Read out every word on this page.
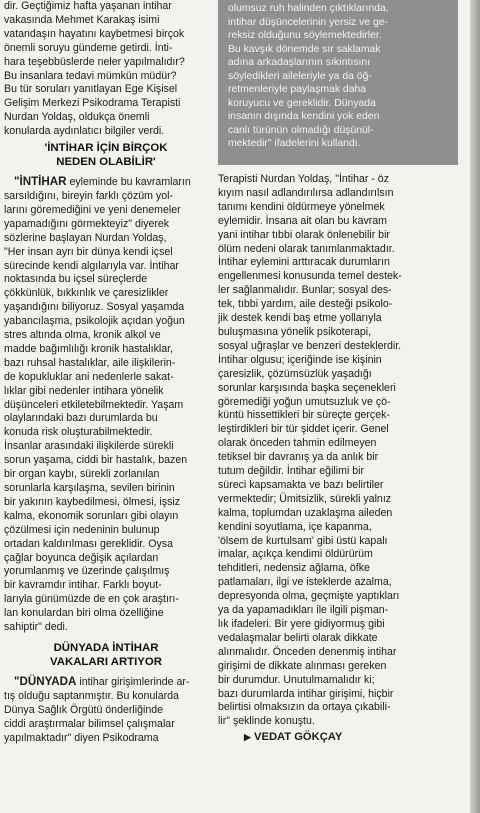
dir. Geçtiğimiz hafta yaşanan intihar
vakasında Mehmet Karakaş isimi
vatandaşın hayatını kaybetmesi birçok
önemli soruyu gündeme getirdi. İnti-
hara teşebbüslerde neler yapılmalıdır?
Bu insanlara tedavi mümkün müdür?
Bu tür soruları yanıtlayan Ege Kişisel
Gelişim Merkezi Psikodrama Terapisti
Nurdan Yoldaş, oldukça önemli
konularda aydınlatıcı bilgiler verdi.
'İNTİHAR İÇİN BİRÇOK
NEDEN OLABİLİR'
"İNTİHAR eyleminde bu kavramların
sarsıldığını, bireyin farklı çözüm yol-
larını göremediğini ve yeni denemeler
yapamadığını görmekteyiz" diyerek
sözlerine başlayan Nurdan Yoldaş,
"Her insan ayrı bir dünya kendi içsel
sürecinde kendi algılarıyla var. İntihar
noktasında bu içsel süreçlerde
çökkünlük, bıkkınlık ve çaresizlikler
yaşandığını biliyoruz. Sosyal yaşamda
yabancılaşma, psikolojik açıdan yoğun
stres altında olma, kronik alkol ve
madde bağımlılığı kronik hastalıklar,
bazı ruhsal hastalıklar, aile ilişkilerin-
de kopukluklar ani nedenlerle sakat-
lıklar gibi nedenler intihara yönelik
düşünceleri etkiletebilmektedir. Yaşam
olaylarındaki bazı durumlarda bu
konuda risk oluşturabilmektedir.
İnsanlar arasındaki ilişkilerde sürekli
sorun yaşama, ciddi bir hastalık, bazen
bir organ kaybı, sürekli zorlanılan
sorunlarla karşılaşma, sevilen birinin
bir yakının kaybedilmesi, ölmesi, işsiz
kalma, ekonomik sorunları gibi olayın
çözülmesi için nedeninin bulunup
ortadan kaldırılması gereklidir. Oysa
çağlar boyunca değişik açılardan
yorumlanmış ve üzerinde çalışılmış
bir kavramdır intihar. Farklı boyut-
larıyla günümüzde de en çok araştırı-
lan konulardan biri olma özelliğine
sahiptir" dedi.
DÜNYADA İNTİHAR
VAKALARI ARTIYOR
"DÜNYADA intihar girişimlerinde ar-
tış olduğu saptanmıştır. Bu konularda
Dünya Sağlık Örgütü önderliğinde
ciddi araştırmalar bilimsel çalışmalar
yapılmaktadır" diyen Psikodrama
olumsuz ruh halinden çıktıklarında,
intihar düşüncelerinin yersiz ve ge-
reksiz olduğunu söylemektedirler.
Bu kavşık dönemde sır saklamak
adına arkadaşlarının sıkıntısını
söyledikleri aileleriyle ya da öğ-
retmenleriyle paylaşmak daha
koruyucu ve gereklidir. Dünyada
insanın dışında kendini yok eden
canlı türünün olmadığı düşünül-
mektedir" ifadelerini kullandı.
Terapisti Nurdan Yoldaş, "İntihar - öz
kıyım nasıl adlandırılırsa adlandırılsın
tanımı kendini öldürmeye yönelmek
eylemidir. İnsana ait olan bu kavram
yani intihar tıbbi olarak önlenebilir bir
ölüm nedeni olarak tanımlanmaktadır.
İntihar eylemini arttıracak durumların
engellenmesi konusunda temel destek-
ler sağlanmalıdır. Bunlar; sosyal des-
tek, tıbbi yardım, aile desteği psikolo-
jik destek kendi baş etme yollarıyla
buluşmasına yönelik psikoterapi,
sosyal uğraşlar ve benzeri desteklerdir.
İntihar olgusu; içeriğinde ise kişinin
çaresizlik, çözümsüzlük yaşadığı
sorunlar karşısında başka seçenekleri
göremediği yoğun umutsuzluk ve çö-
küntü hissettikleri bir süreçte gerçek-
leştirdikleri bir tür şiddet içerir. Genel
olarak önceden tahmin edilmeyen
tetiksel bir davranış ya da anlık bir
tutum değildir. İntihar eğilimi bir
süreci kapsamakta ve bazı belirtiler
vermektedir; Ümitsizlik, sürekli yalnız
kalma, toplumdan uzaklaşma aileden
kendini soyutlama, içe kapanma,
'ölsem de kurtulsam' gibi üstü kapalı
imalar, açıkça kendimi öldürürüm
tehditleri, nedensiz ağlama, öfke
patlamaları, ilgi ve isteklerde azalma,
depresyonda olma, geçmişte yaptıkları
ya da yapamadıkları ile ilgili pişman-
lık ifadeleri. Bir yere gidiyormuş gibi
vedalaşmalar belirti olarak dikkate
alınmalıdır. Önceden denenmiş intihar
girişimi de dikkate alınması gereken
bir durumdur. Unutulmamalıdır ki;
bazı durumlarda intihar girişimi, hiçbir
belirtisi olmaksızın da ortaya çıkabili-
lir" şeklinde konuştu.
▶ VEDAT GÖKÇAY
